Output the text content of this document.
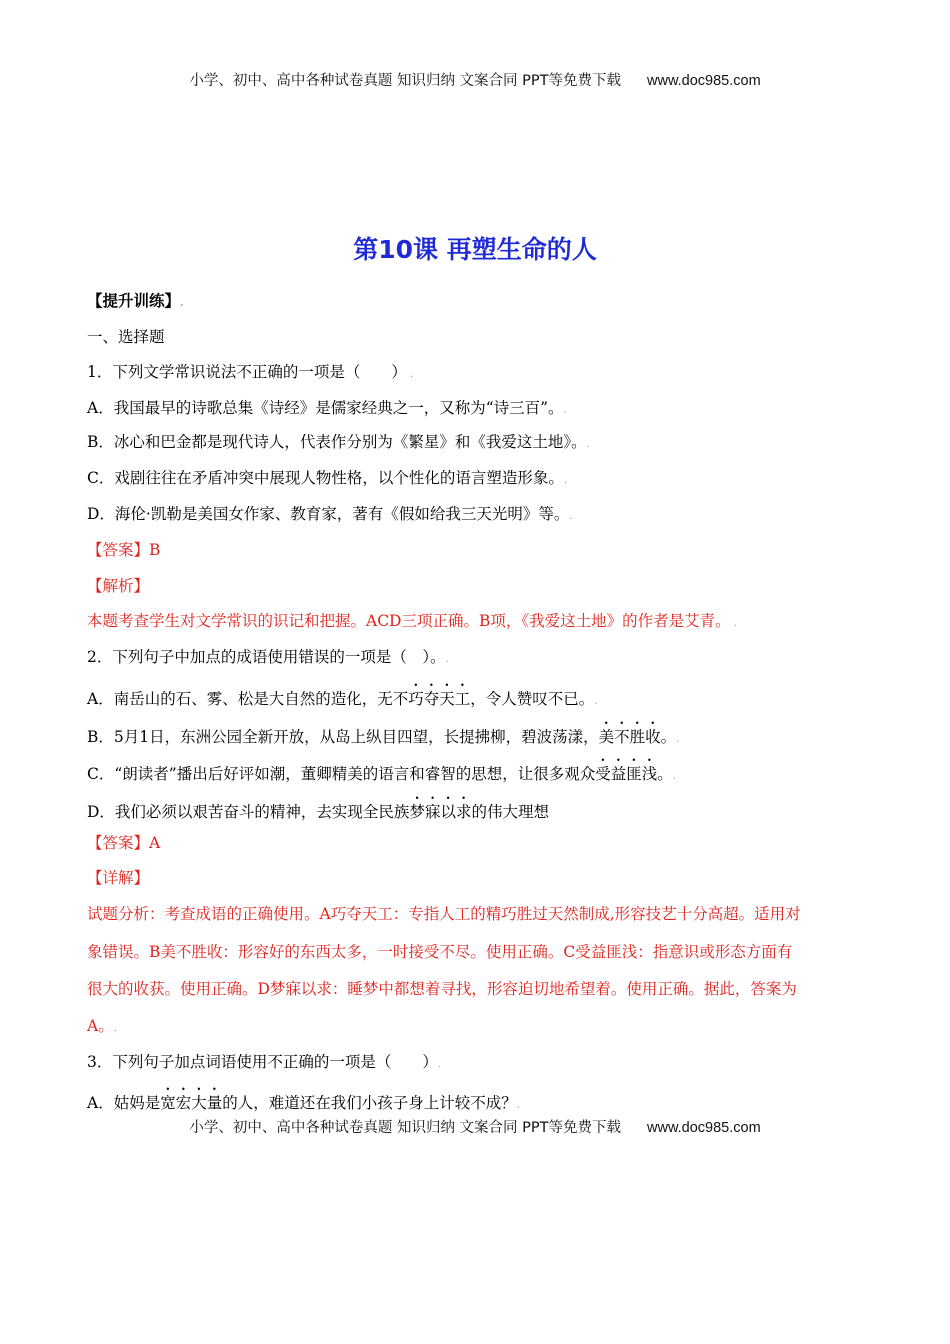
小学、初中、高中各种试卷真题 知识归纳 文案合同 PPT等免费下载 www.doc985.com
第10课 再塑生命的人
【提升训练】.
一、选择题
1．下列文学常识说法不正确的一项是（　　） .
A．我国最早的诗歌总集《诗经》是儒家经典之一，又称为“诗三百”。.
B．冰心和巴金都是现代诗人，代表作分别为《繁星》和《我爱这土地》。.
C．戏剧往往在矛盾冲突中展现人物性格，以个性化的语言塑造形象。.
D．海伦·凯勒是美国女作家、教育家，著有《假如给我三天光明》等。.
【答案】B
【解析】
本题考查学生对文学常识的识记和把握。ACD三项正确。B项，《我爱这土地》的作者是艾青。 .
2．下列句子中加点的成语使用错误的一项是（　）。.
A．南岳山的石、雾、松是大自然的造化，无不巧夺天工，令人赞叹不已。.
B．5月1日，东洲公园全新开放，从岛上纵目四望，长提拂柳，碧波荡漾，美不胜收。.
C．“朗读者”播出后好评如潮，董卿精美的语言和睿智的思想，让很多观众受益匪浅。.
D．我们必须以艰苦奋斗的精神，去实现全民族梦寐以求的伟大理想
【答案】A
【详解】
试题分析：考查成语的正确使用。A巧夺天工：专指人工的精巧胜过天然制成,形容技艺十分高超。适用对
象错误。B美不胜收：形容好的东西太多，一时接受不尽。使用正确。C受益匪浅：指意识或形态方面有
很大的收获。使用正确。D梦寐以求：睡梦中都想着寻找，形容迫切地希望着。使用正确。据此，答案为
A。.
3．下列句子加点词语使用不正确的一项是（　　）.
A．姑妈是宽宏大量的人，难道还在我们小孩子身上计较不成？.
小学、初中、高中各种试卷真题 知识归纳 文案合同 PPT等免费下载 www.doc985.com
